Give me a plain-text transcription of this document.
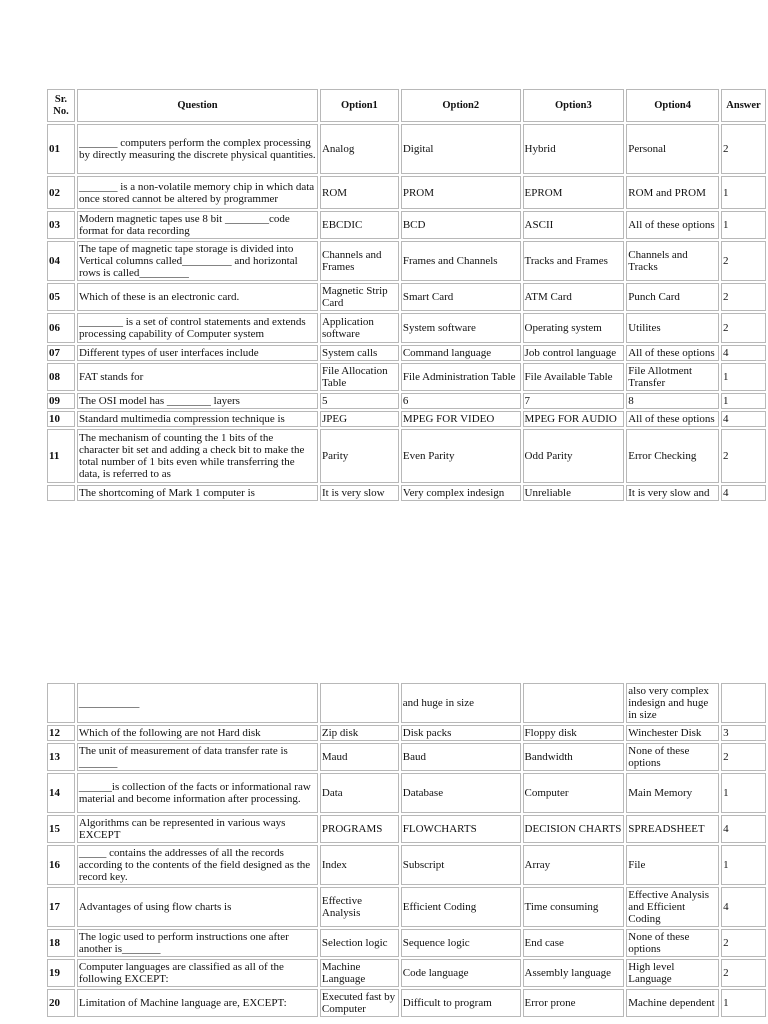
Sr. No.	Question	Option1	Option2	Option3	Option4	Answer
01	_______ computers perform the complex processing by directly measuring the discrete physical quantities.	Analog	Digital	Hybrid	Personal	2
02	_______ is a non-volatile memory chip in which data once stored cannot be altered by programmer	ROM	PROM	EPROM	ROM and PROM	1
03	Modern magnetic tapes use 8 bit ________code format for data recording	EBCDIC	BCD	ASCII	All of these options	1
04	The tape of magnetic tape storage is divided into Vertical columns called_________ and horizontal rows is called_________	Channels and Frames	Frames and Channels	Tracks and Frames	Channels and Tracks	2
05	Which of these is an electronic card.	Magnetic Strip Card	Smart Card	ATM Card	Punch Card	2
06	________ is a set of control statements and extends processing capability of Computer system	Application software	System software	Operating system	Utilites	2
07	Different types of user interfaces include	System calls	Command language	Job control language	All of these options	4
08	FAT stands for	File Allocation Table	File Administration Table	File Available Table	File Allotment Transfer	1
09	The OSI model has ________ layers	5	6	7	8	1
10	Standard multimedia compression technique is	JPEG	MPEG FOR VIDEO	MPEG FOR AUDIO	All of these options	4
11	The mechanism of counting the 1 bits of the character bit set and adding a check bit to make the total number of 1 bits even while transferring the data, is referred to as	Parity	Even Parity	Odd Parity	Error Checking	2
	The shortcoming of Mark 1 computer is	It is very slow	Very complex indesign	Unreliable	It is very slow and	4
	___________		and huge in size		also very complex indesign and huge in size	
12	Which of the following are not Hard disk	Zip disk	Disk packs	Floppy disk	Winchester Disk	3
13	The unit of measurement of data transfer rate is _______	Maud	Baud	Bandwidth	None of these options	2
14	______is collection of the facts or informational raw material and become information after processing.	Data	Database	Computer	Main Memory	1
15	Algorithms can be represented in various ways EXCEPT	PROGRAMS	FLOWCHARTS	DECISION CHARTS	SPREADSHEET	4
16	_____ contains the addresses of all the records according to the contents of the field designed as the record key.	Index	Subscript	Array	File	1
17	Advantages of using flow charts is	Effective Analysis	Efficient Coding	Time consuming	Effective Analysis and Efficient Coding	4
18	The logic used to perform instructions one after another is_______	Selection logic	Sequence logic	End case	None of these options	2
19	Computer languages are classified as all of the following EXCEPT:	Machine Language	Code language	Assembly language	High level Language	2
20	Limitation of Machine language are, EXCEPT:	Executed fast by Computer	Difficult to program	Error prone	Machine dependent	1
